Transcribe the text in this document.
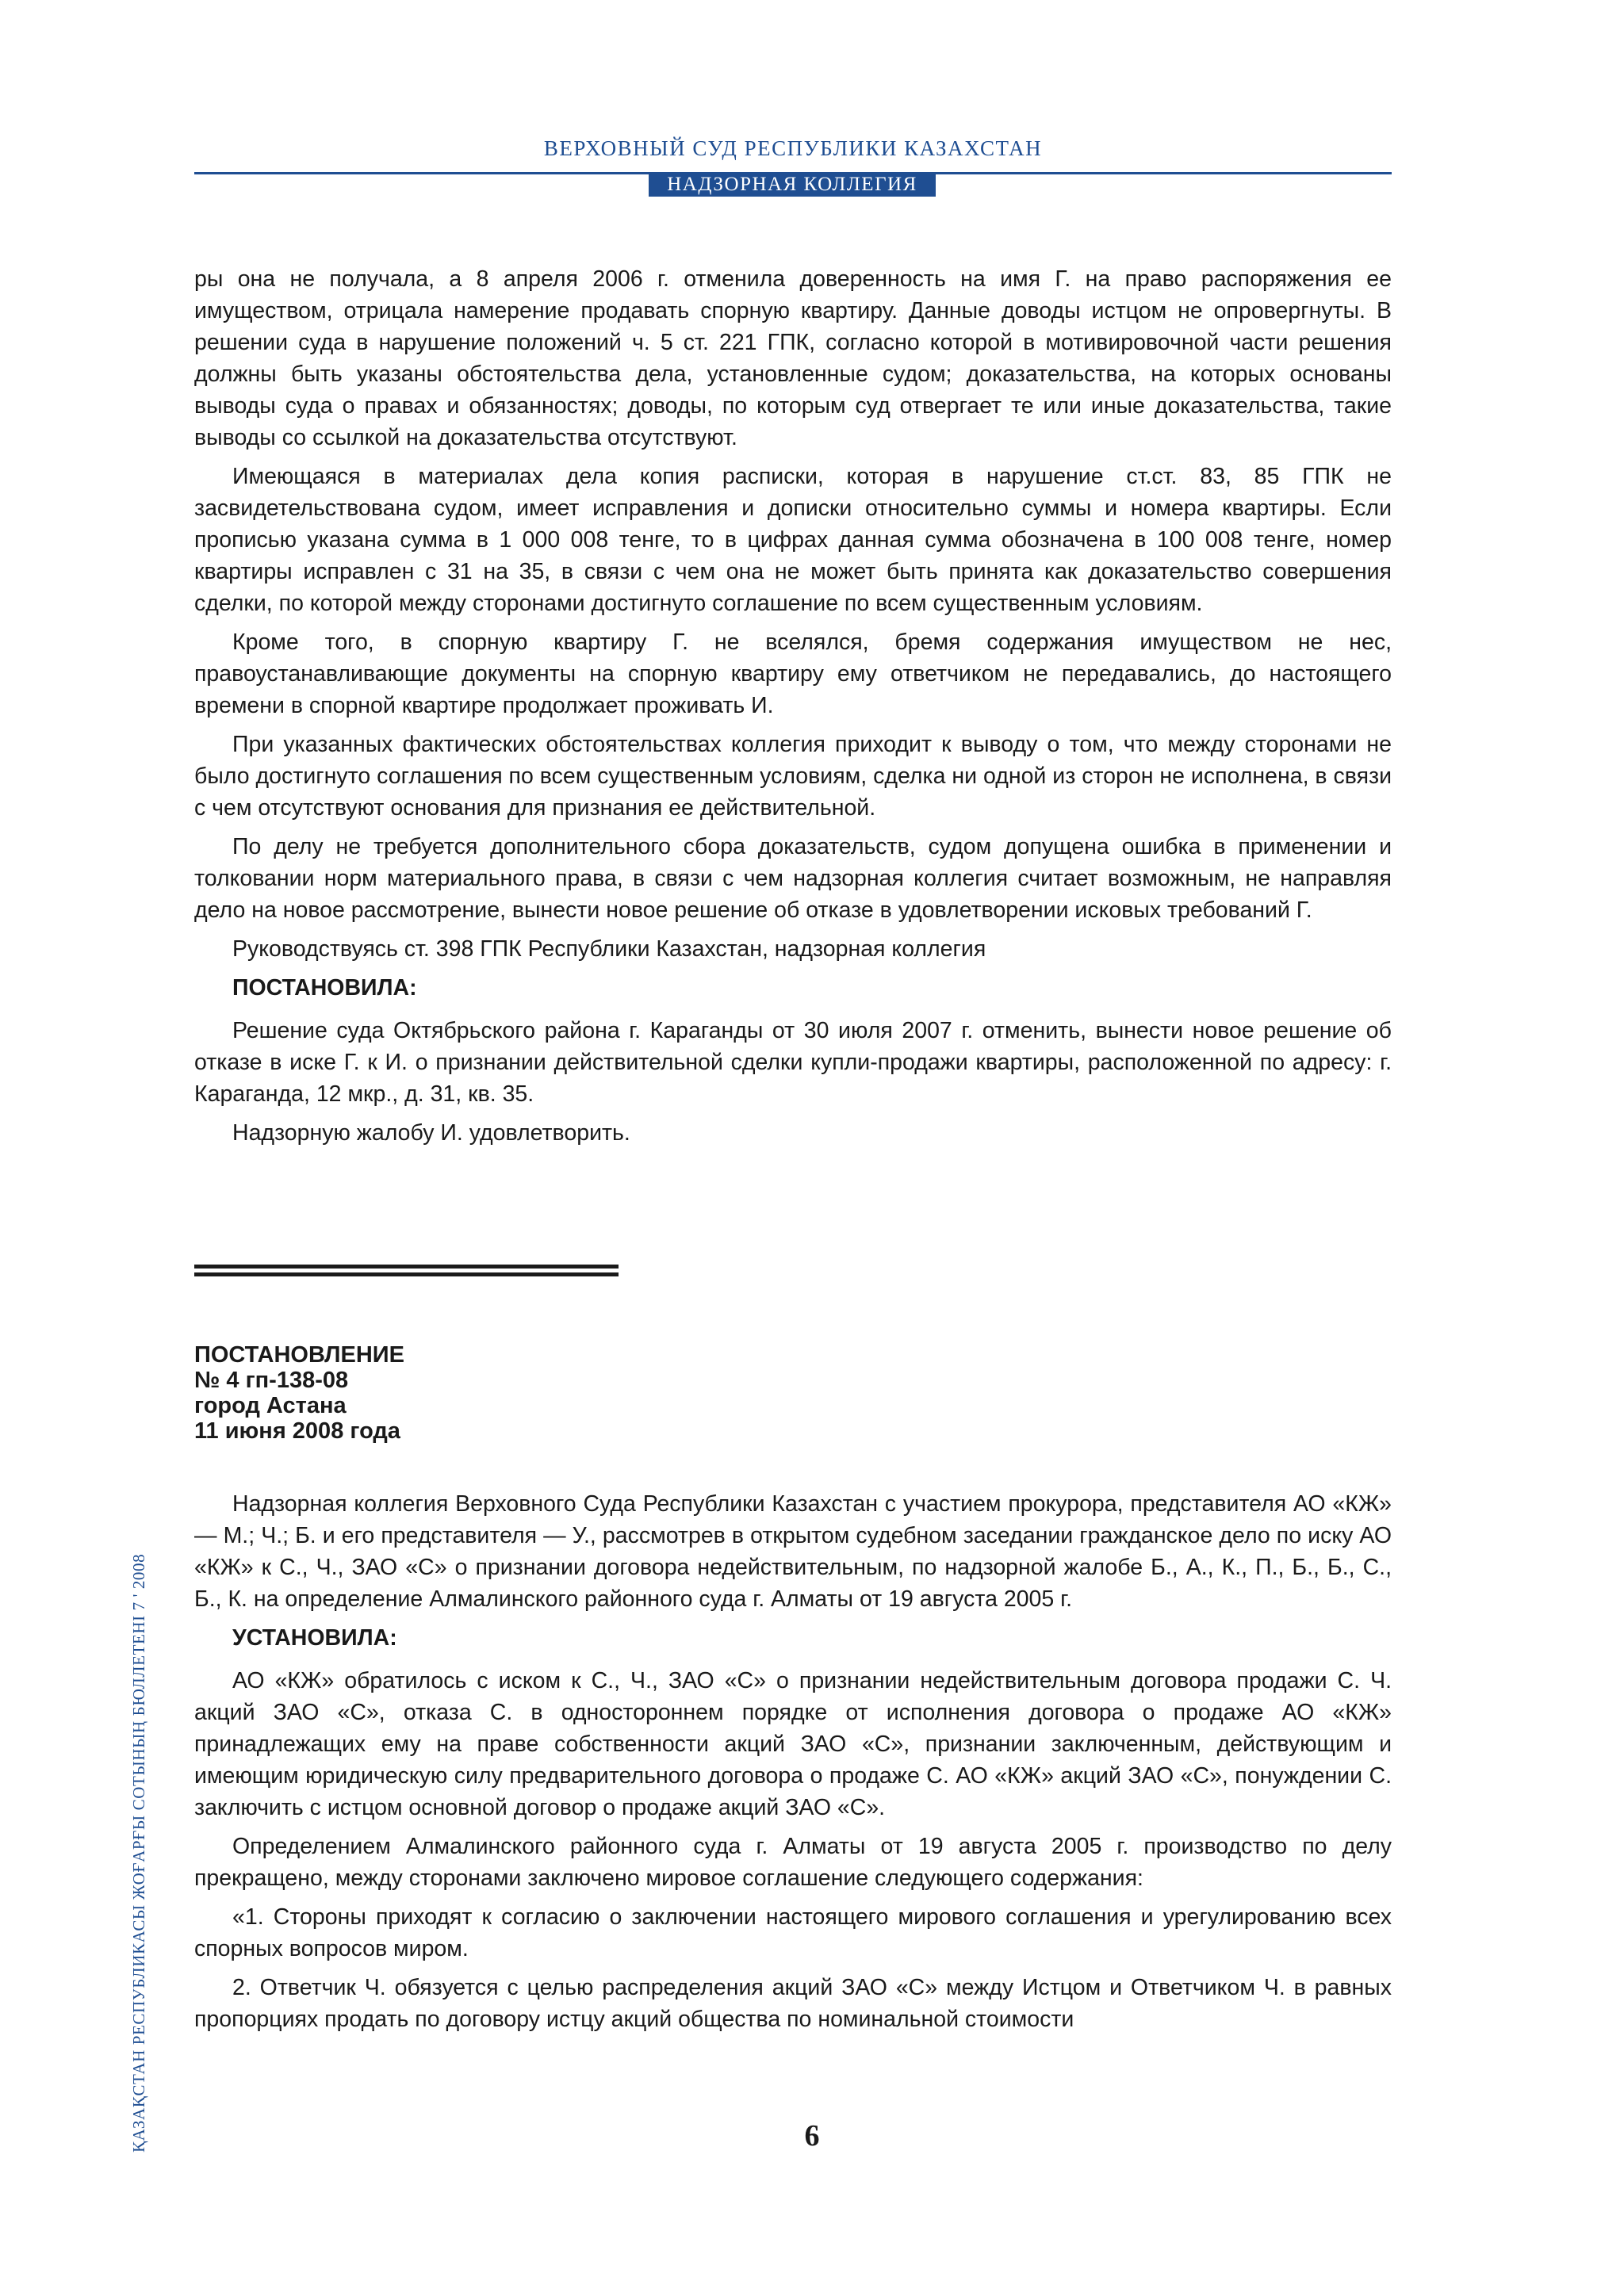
ВЕРХОВНЫЙ СУД РЕСПУБЛИКИ КАЗАХСТАН
НАДЗОРНАЯ КОЛЛЕГИЯ

ры она не получала, а 8 апреля 2006 г. отменила доверенность на имя Г. на право распоряжения ее имуществом, отрицала намерение продавать спорную квартиру. Данные доводы истцом не опровергнуты. В решении суда в нарушение положений ч. 5 ст. 221 ГПК, согласно которой в мотивировочной части решения должны быть указаны обстоятельства дела, установленные судом; доказательства, на которых основаны выводы суда о правах и обязанностях; доводы, по которым суд отвергает те или иные доказательства, такие выводы со ссылкой на доказательства отсутствуют.

Имеющаяся в материалах дела копия расписки, которая в нарушение ст.ст. 83, 85 ГПК не засвидетельствована судом, имеет исправления и дописки относительно суммы и номера квартиры. Если прописью указана сумма в 1 000 008 тенге, то в цифрах данная сумма обозначена в 100 008 тенге, номер квартиры исправлен с 31 на 35, в связи с чем она не может быть принята как доказательство совершения сделки, по которой между сторонами достигнуто соглашение по всем существенным условиям.

Кроме того, в спорную квартиру Г. не вселялся, бремя содержания имуществом не нес, правоустанавливающие документы на спорную квартиру ему ответчиком не передавались, до настоящего времени в спорной квартире продолжает проживать И.

При указанных фактических обстоятельствах коллегия приходит к выводу о том, что между сторонами не было достигнуто соглашения по всем существенным условиям, сделка ни одной из сторон не исполнена, в связи с чем отсутствуют основания для признания ее действительной.

По делу не требуется дополнительного сбора доказательств, судом допущена ошибка в применении и толковании норм материального права, в связи с чем надзорная коллегия считает возможным, не направляя дело на новое рассмотрение, вынести новое решение об отказе в удовлетворении исковых требований Г.

Руководствуясь ст. 398 ГПК Республики Казахстан, надзорная коллегия

ПОСТАНОВИЛА:

Решение суда Октябрьского района г. Караганды от 30 июля 2007 г. отменить, вынести новое решение об отказе в иске Г. к И. о признании действительной сделки купли-продажи квартиры, расположенной по адресу: г. Караганда, 12 мкр., д. 31, кв. 35.

Надзорную жалобу И. удовлетворить.

ПОСТАНОВЛЕНИЕ
№ 4 гп-138-08
город Астана
11 июня 2008 года

Надзорная коллегия Верховного Суда Республики Казахстан с участием прокурора, представителя АО «КЖ» — М.; Ч.; Б. и его представителя — У., рассмотрев в открытом судебном заседании гражданское дело по иску АО «КЖ» к С., Ч., ЗАО «С» о признании договора недействительным, по надзорной жалобе Б., А., К., П., Б., Б., С., Б., К. на определение Алмалинского районного суда г. Алматы от 19 августа 2005 г.

УСТАНОВИЛА:

АО «КЖ» обратилось с иском к С., Ч., ЗАО «С» о признании недействительным договора продажи С. Ч. акций ЗАО «С», отказа С. в одностороннем порядке от исполнения договора о продаже АО «КЖ» принадлежащих ему на праве собственности акций ЗАО «С», признании заключенным, действующим и имеющим юридическую силу предварительного договора о продаже С. АО «КЖ» акций ЗАО «С», понуждении С. заключить с истцом основной договор о продаже акций ЗАО «С».

Определением Алмалинского районного суда г. Алматы от 19 августа 2005 г. производство по делу прекращено, между сторонами заключено мировое соглашение следующего содержания:

«1. Стороны приходят к согласию о заключении настоящего мирового соглашения и урегулированию всех спорных вопросов миром.

2. Ответчик Ч. обязуется с целью распределения акций ЗАО «С» между Истцом и Ответчиком Ч. в равных пропорциях продать по договору истцу акций общества по номинальной стоимости

ҚАЗАҚСТАН РЕСПУБЛИКАСЫ ЖОҒАРҒЫ СОТЫНЫҢ БЮЛЛЕТЕНІ 7 ' 2008	6
